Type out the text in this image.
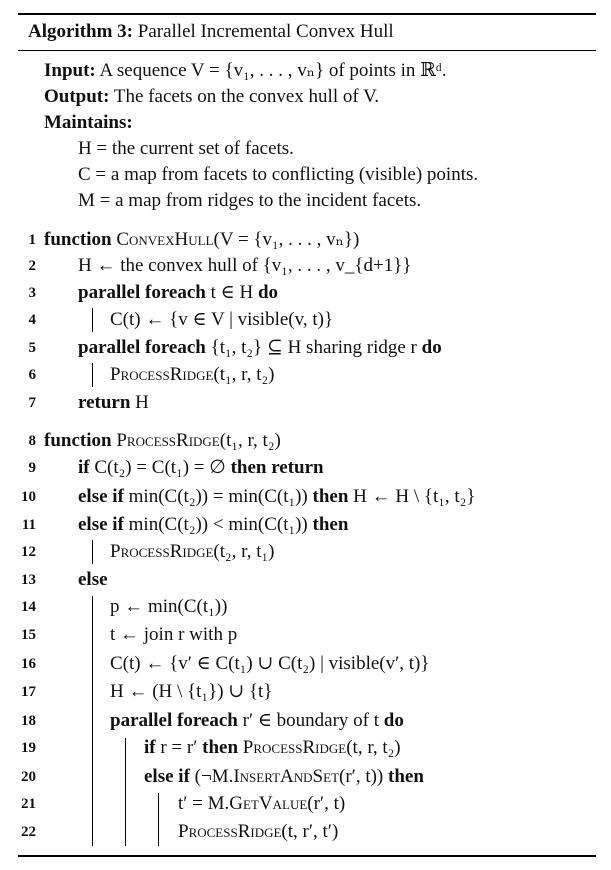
Algorithm 3: Parallel Incremental Convex Hull
Input: A sequence V = {v₁, . . . , vₙ} of points in ℝᵈ.
Output: The facets on the convex hull of V.
Maintains:
H = the current set of facets.
C = a map from facets to conflicting (visible) points.
M = a map from ridges to the incident facets.
1 function ConvexHull(V = {v₁, . . . , vₙ})
2 H ← the convex hull of {v₁, . . . , v_{d+1}}
3 parallel foreach t ∈ H do
4	C(t) ← {v ∈ V | visible(v, t)}
5 parallel foreach {t₁, t₂} ⊆ H sharing ridge r do
6	ProcessRidge(t₁, r, t₂)
7 return H
8 function ProcessRidge(t₁, r, t₂)
9 if C(t₂) = C(t₁) = ∅ then return
10 else if min(C(t₂)) = min(C(t₁)) then H ← H \ {t₁, t₂}
11 else if min(C(t₂)) < min(C(t₁)) then
12	ProcessRidge(t₂, r, t₁)
13 else
14	p ← min(C(t₁))
15	t ← join r with p
16	C(t) ← {v′ ∈ C(t₁) ∪ C(t₂) | visible(v′, t)}
17	H ← (H \ {t₁}) ∪ {t}
18	parallel foreach r′ ∈ boundary of t do
19	if r = r′ then ProcessRidge(t, r, t₂)
20	else if (¬M.InsertAndSet(r′, t)) then
21	t′ = M.GetValue(r′, t)
22	ProcessRidge(t, r′, t′)
